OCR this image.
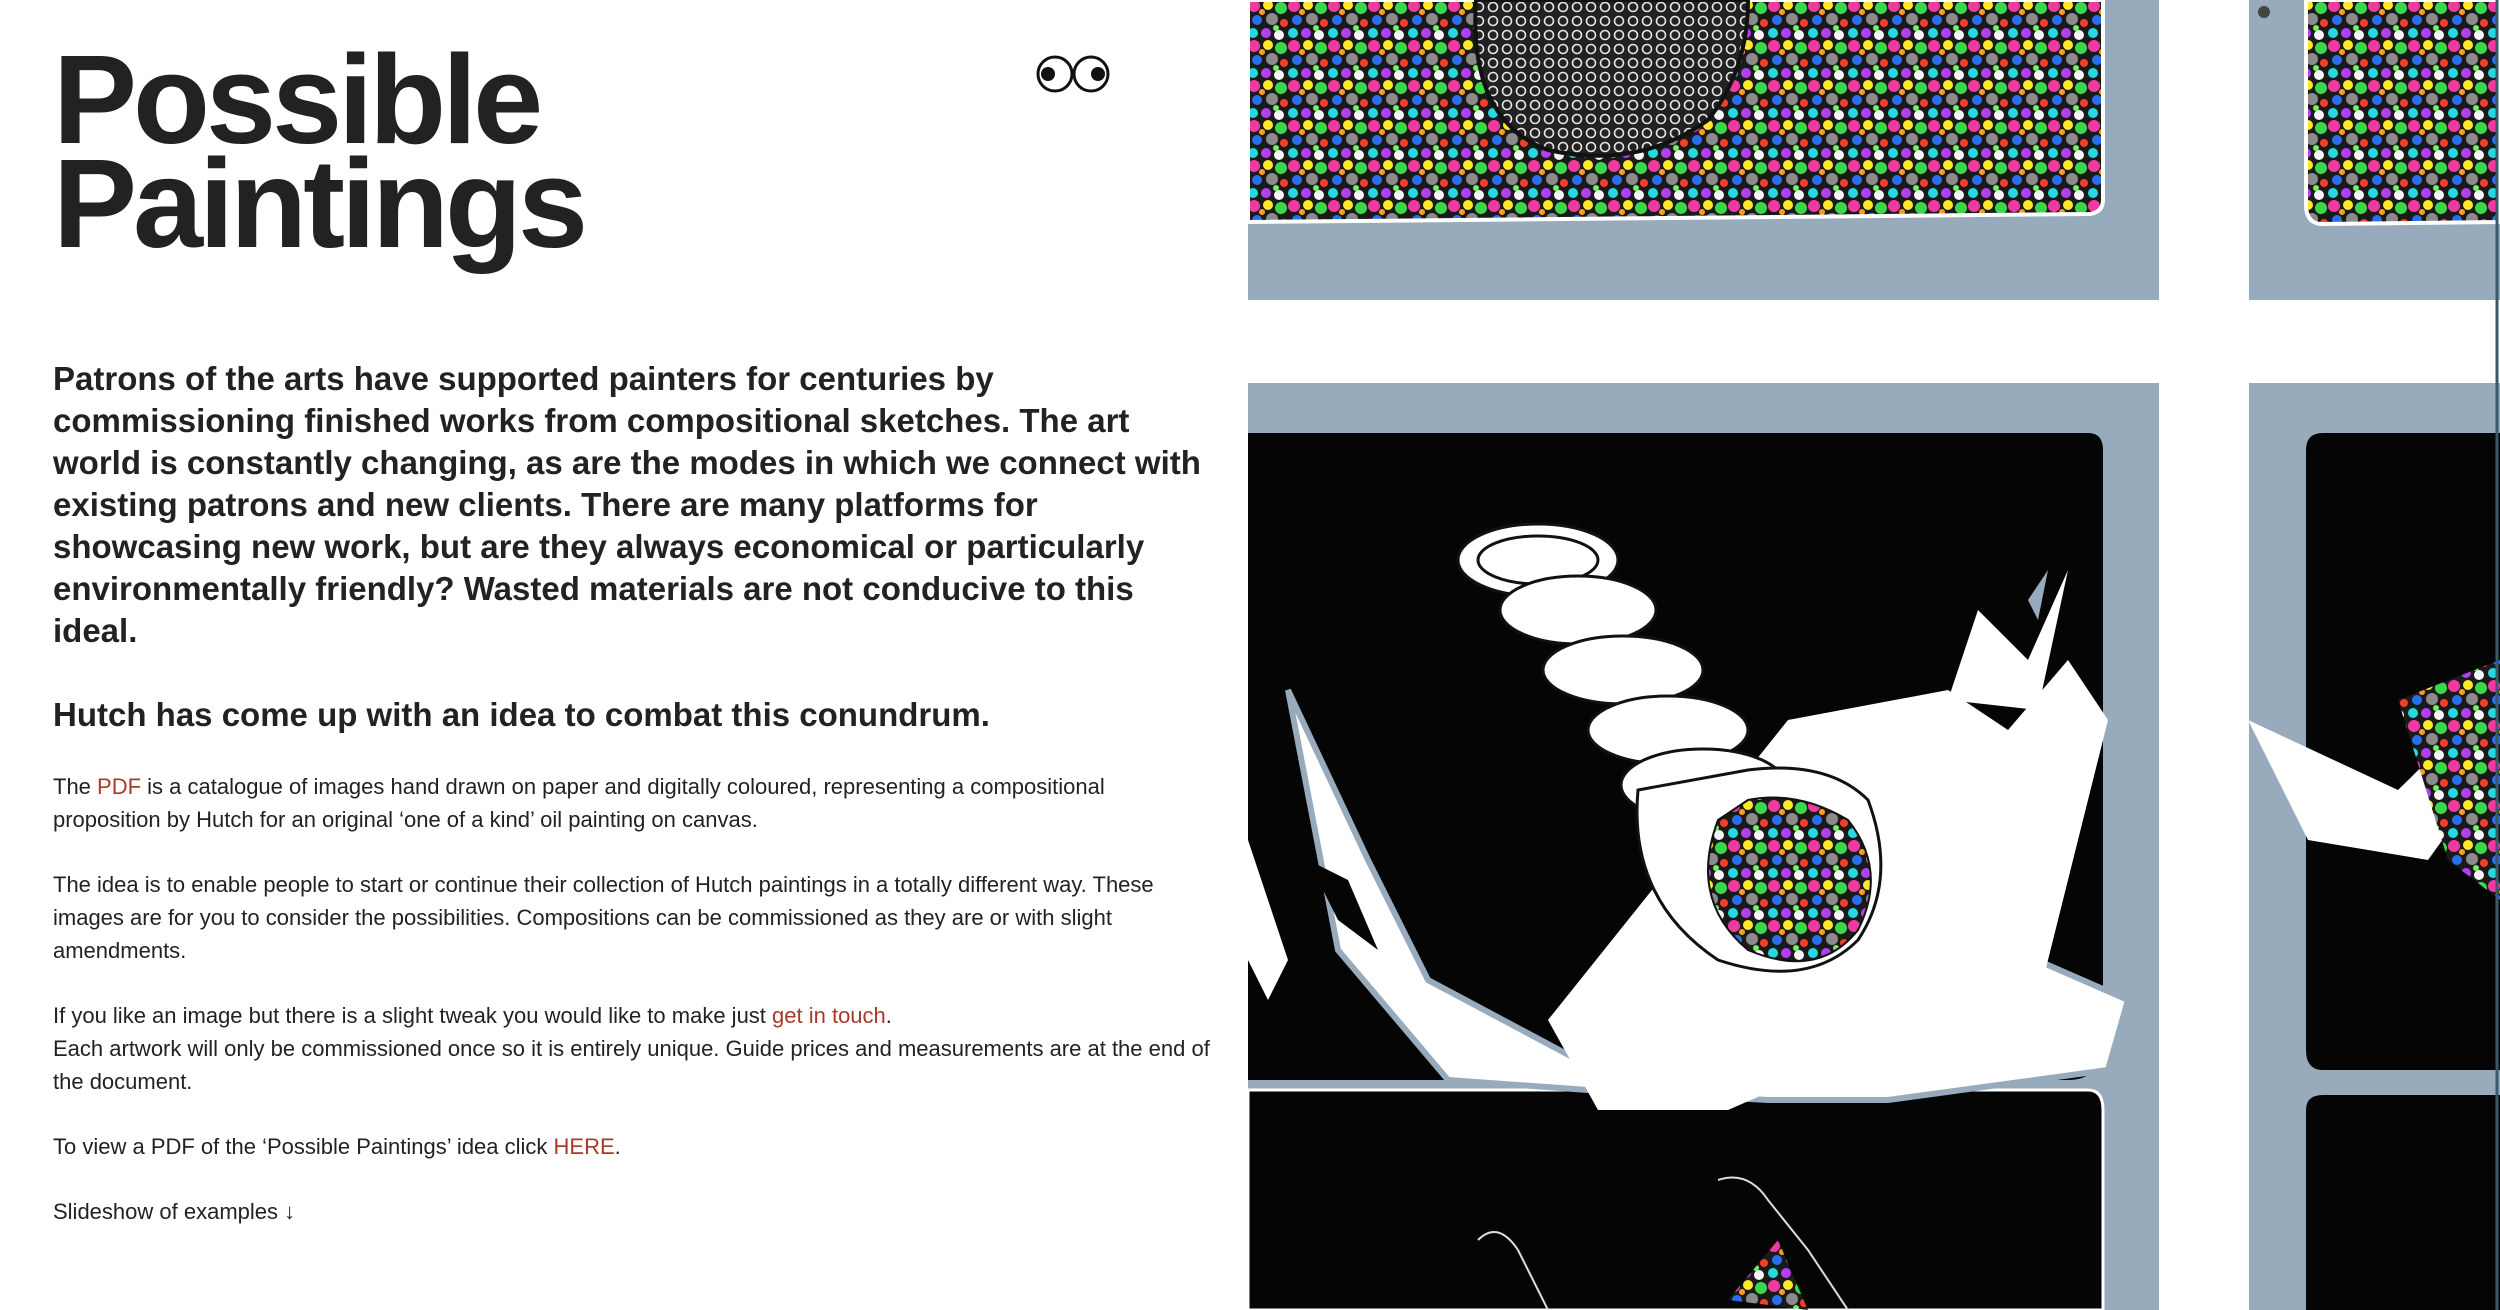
Possible
Paintings

Patrons of the arts have supported painters for centuries by commissioning finished works from compositional sketches. The art world is constantly changing, as are the modes in which we connect with existing patrons and new clients. There are many platforms for showcasing new work, but are they always economical or particularly environmentally friendly? Wasted materials are not conducive to this ideal.

Hutch has come up with an idea to combat this conundrum.

The PDF is a catalogue of images hand drawn on paper and digitally coloured, representing a compositional proposition by Hutch for an original ‘one of a kind’ oil painting on canvas.

The idea is to enable people to start or continue their collection of Hutch paintings in a totally different way. These images are for you to consider the possibilities. Compositions can be commissioned as they are or with slight amendments.

If you like an image but there is a slight tweak you would like to make just get in touch.
Each artwork will only be commissioned once so it is entirely unique. Guide prices and measurements are at the end of the document.

To view a PDF of the ‘Possible Paintings’ idea click HERE.

Slideshow of examples ↓
